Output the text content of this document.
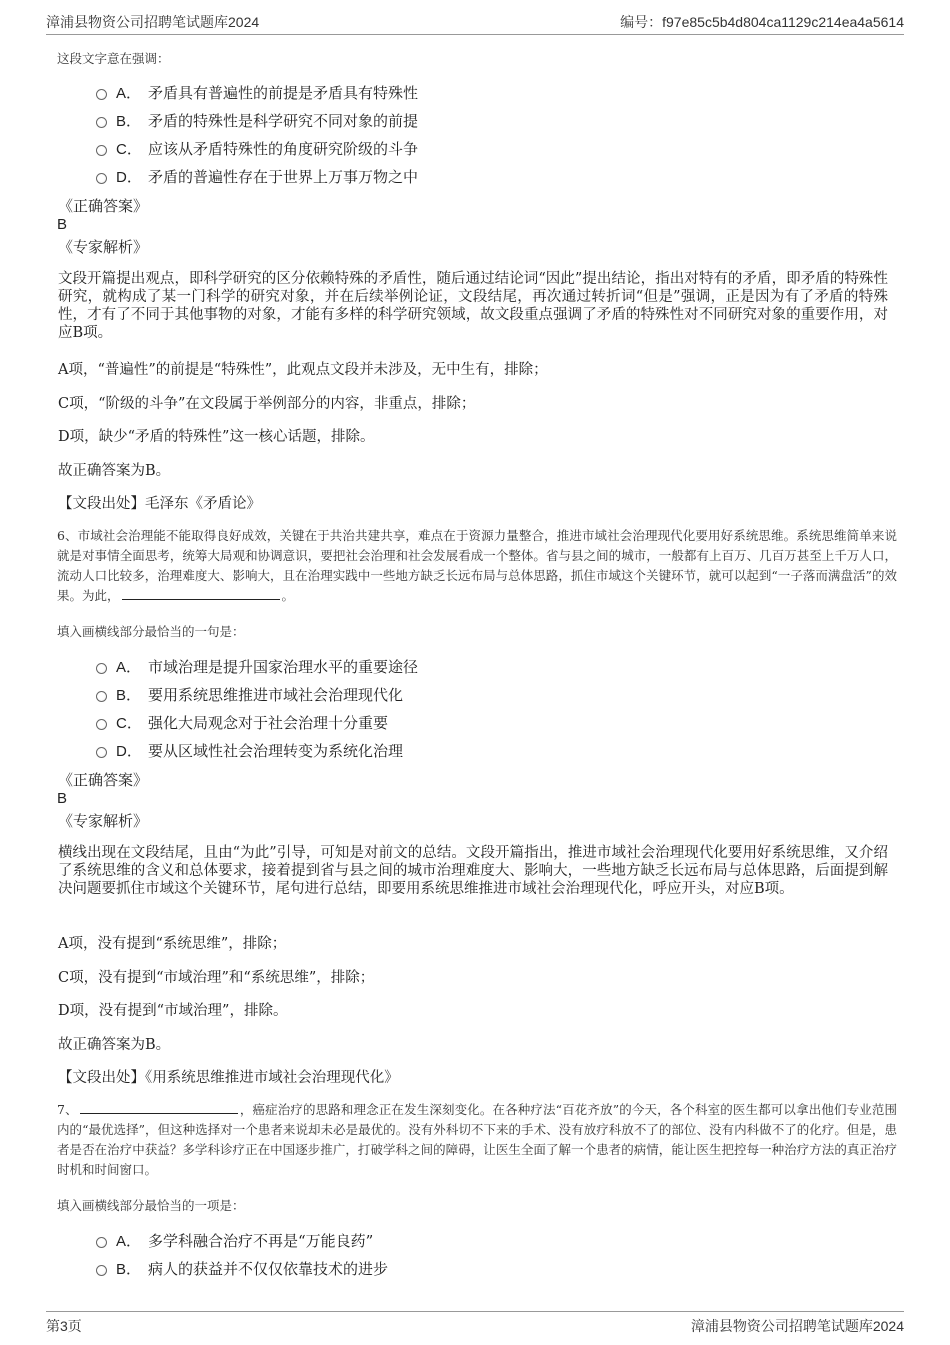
漳浦县物资公司招聘笔试题库2024	编号：f97e85c5b4d804ca1129c214ea4a5614
这段文字意在强调：
A． 矛盾具有普遍性的前提是矛盾具有特殊性
B． 矛盾的特殊性是科学研究不同对象的前提
C． 应该从矛盾特殊性的角度研究阶级的斗争
D． 矛盾的普遍性存在于世界上万事万物之中
《正确答案》
B
《专家解析》
文段开篇提出观点，即科学研究的区分依赖特殊的矛盾性，随后通过结论词“因此”提出结论，指出对特有的矛盾，即矛盾的特殊性研究，就构成了某一门科学的研究对象，并在后续举例论证，文段结尾，再次通过转折词“但是”强调，正是因为有了矛盾的特殊性，才有了不同于其他事物的对象，才能有多样的科学研究领域，故文段重点强调了矛盾的特殊性对不同研究对象的重要作用，对应B项。
A项，“普遍性”的前提是“特殊性”，此观点文段并未涉及，无中生有，排除；
C项，“阶级的斗争”在文段属于举例部分的内容，非重点，排除；
D项，缺少“矛盾的特殊性”这一核心话题，排除。
故正确答案为B。
【文段出处】毛泽东《矛盾论》
6、市域社会治理能不能取得良好成效，关键在于共治共建共享，难点在于资源力量整合，推进市域社会治理现代化要用好系统思维。系统思维简单来说就是对事情全面思考，统筹大局观和协调意识，要把社会治理和社会发展看成一个整体。省与县之间的城市，一般都有上百万、几百万甚至上千万人口，流动人口比较多，治理难度大、影响大，且在治理实践中一些地方缺乏长远布局与总体思路，抓住市域这个关键环节，就可以起到“一子落而满盘活”的效果。为此，	。
填入画横线部分最恰当的一句是：
A． 市域治理是提升国家治理水平的重要途径
B． 要用系统思维推进市域社会治理现代化
C． 强化大局观念对于社会治理十分重要
D． 要从区域性社会治理转变为系统化治理
《正确答案》
B
《专家解析》
横线出现在文段结尾，且由“为此”引导，可知是对前文的总结。文段开篇指出，推进市域社会治理现代化要用好系统思维，又介绍了系统思维的含义和总体要求，接着提到省与县之间的城市治理难度大、影响大，一些地方缺乏长远布局与总体思路，后面提到解决问题要抓住市域这个关键环节，尾句进行总结，即要用系统思维推进市域社会治理现代化，呼应开头，对应B项。
A项，没有提到“系统思维”，排除；
C项，没有提到“市域治理”和“系统思维”，排除；
D项，没有提到“市域治理”，排除。
故正确答案为B。
【文段出处】《用系统思维推进市域社会治理现代化》
7、	，癌症治疗的思路和理念正在发生深刻变化。在各种疗法“百花齐放”的今天，各个科室的医生都可以拿出他们专业范围内的“最优选择”，但这种选择对一个患者来说却未必是最优的。没有外科切不下来的手术、没有放疗科放不了的部位、没有内科做不了的化疗。但是，患者是否在治疗中获益？多学科诊疗正在中国逐步推广，打破学科之间的障碍，让医生全面了解一个患者的病情，能让医生把控每一种治疗方法的真正治疗时机和时间窗口。
填入画横线部分最恰当的一项是：
A． 多学科融合治疗不再是“万能良药”
B． 病人的获益并不仅仅依靠技术的进步
第3页	漳浦县物资公司招聘笔试题库2024
